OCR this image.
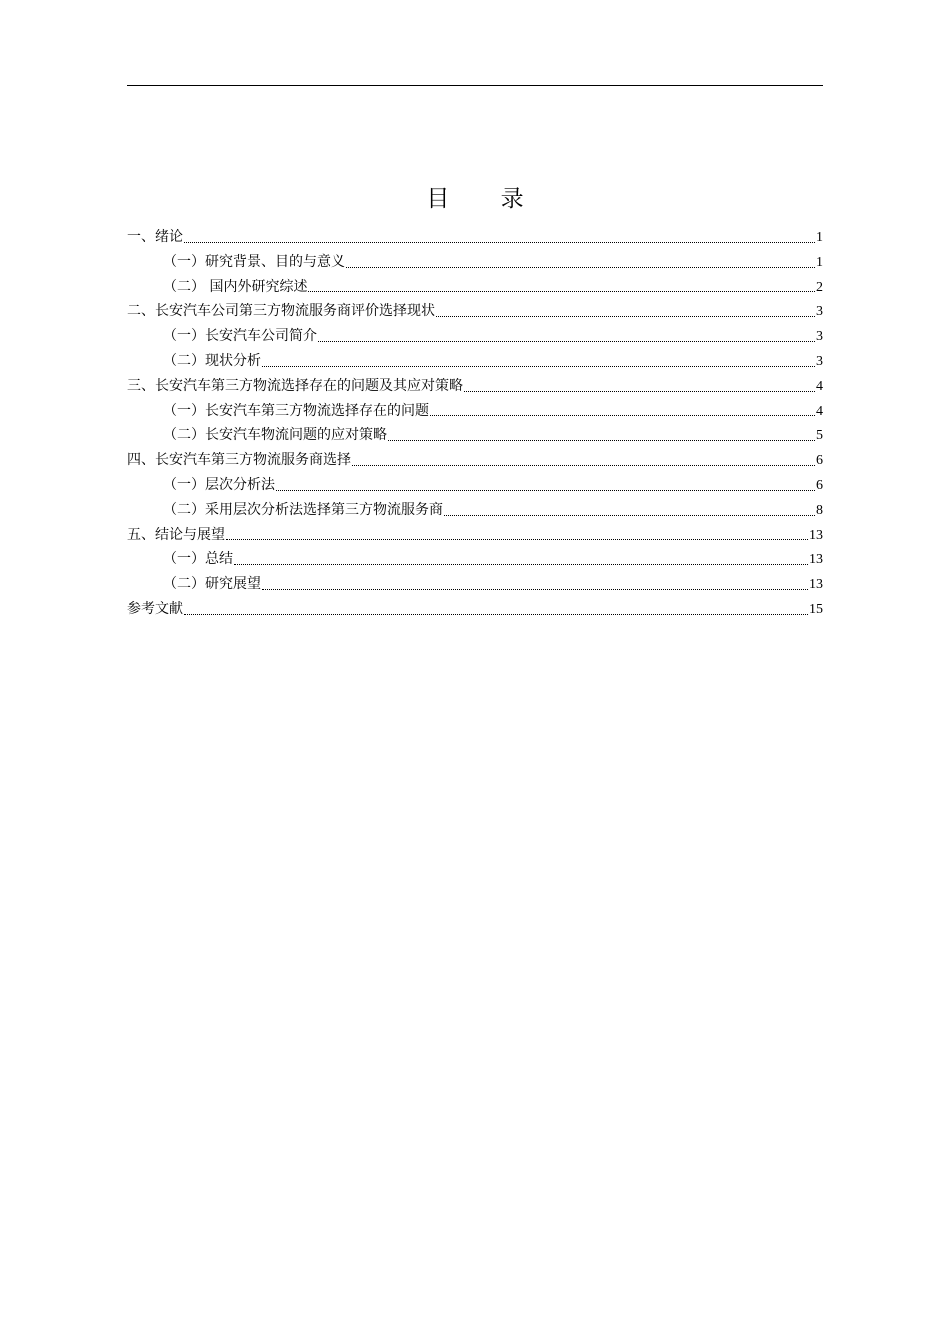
目 录
一、绪论	1
（一）研究背景、目的与意义	1
（二） 国内外研究综述	2
二、长安汽车公司第三方物流服务商评价选择现状	3
（一）长安汽车公司简介	3
（二）现状分析	3
三、长安汽车第三方物流选择存在的问题及其应对策略	4
（一）长安汽车第三方物流选择存在的问题	4
（二）长安汽车物流问题的应对策略	5
四、长安汽车第三方物流服务商选择	6
（一）层次分析法	6
（二）采用层次分析法选择第三方物流服务商	8
五、结论与展望	13
（一）总结	13
（二）研究展望	13
参考文献	15
